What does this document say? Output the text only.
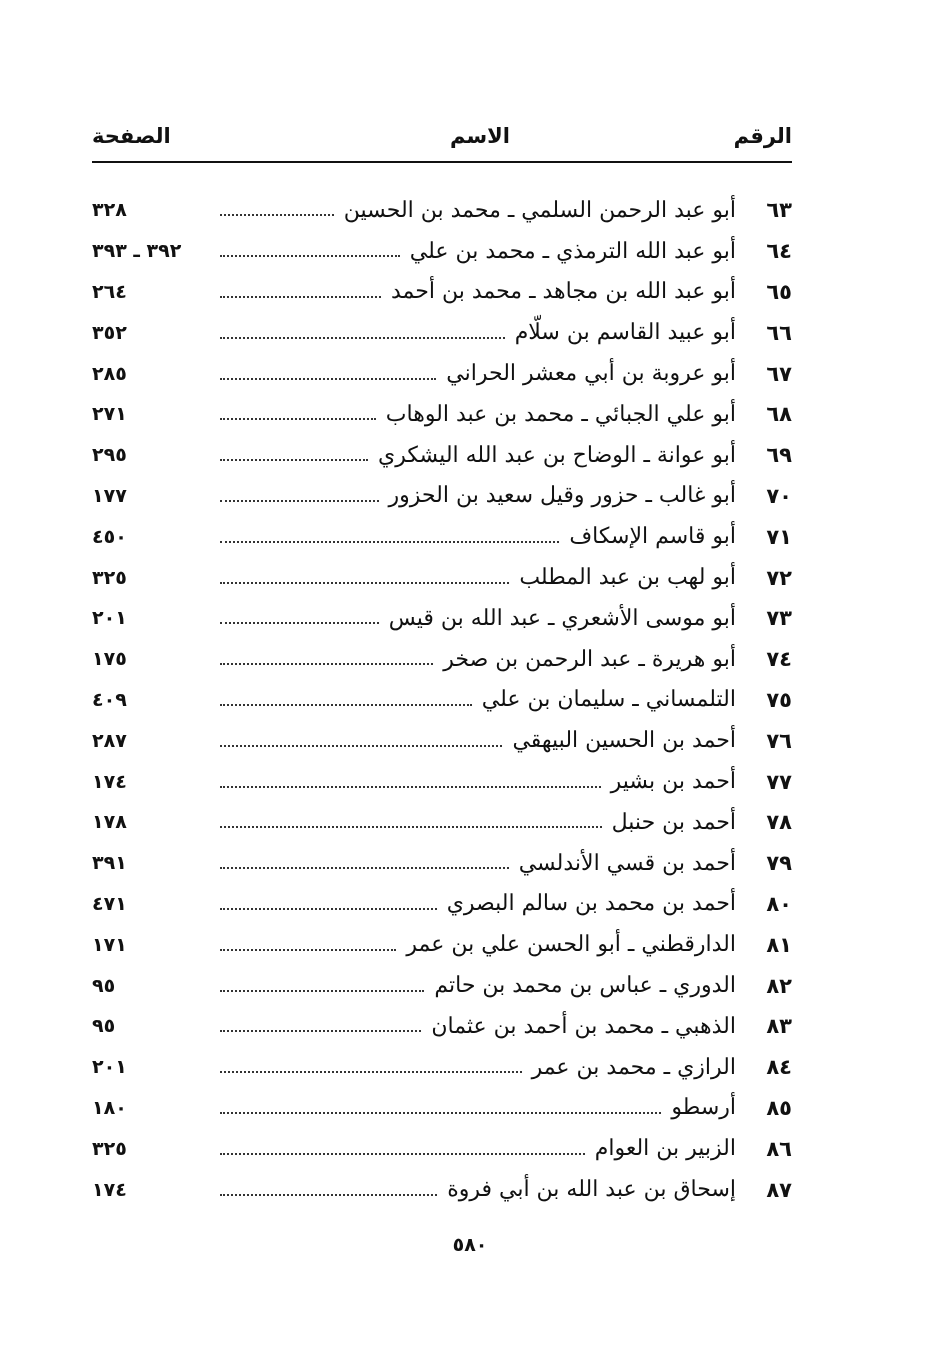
الرقم
الاسم
الصفحة
٦٣
أبو عبد الرحمن السلمي ـ محمد بن الحسين
٣٢٨
٦٤
أبو عبد الله الترمذي ـ محمد بن علي
٣٩٢ ـ ٣٩٣
٦٥
أبو عبد الله بن مجاهد ـ محمد بن أحمد
٢٦٤
٦٦
أبو عبيد القاسم بن سلّام
٣٥٢
٦٧
أبو عروبة بن أبي معشر الحراني
٢٨٥
٦٨
أبو علي الجبائي ـ محمد بن عبد الوهاب
٢٧١
٦٩
أبو عوانة ـ الوضاح بن عبد الله اليشكري
٢٩٥
٧٠
أبو غالب ـ حزور وقيل سعيد بن الحزور
١٧٧
٧١
أبو قاسم الإسكاف
٤٥٠
٧٢
أبو لهب بن عبد المطلب
٣٢٥
٧٣
أبو موسى الأشعري ـ عبد الله بن قيس
٢٠١
٧٤
أبو هريرة ـ عبد الرحمن بن صخر
١٧٥
٧٥
التلمساني ـ سليمان بن علي
٤٠٩
٧٦
أحمد بن الحسين البيهقي
٢٨٧
٧٧
أحمد بن بشير
١٧٤
٧٨
أحمد بن حنبل
١٧٨
٧٩
أحمد بن قسي الأندلسي
٣٩١
٨٠
أحمد بن محمد بن سالم البصري
٤٧١
٨١
الدارقطني ـ أبو الحسن علي بن عمر
١٧١
٨٢
الدوري ـ عباس بن محمد بن حاتم
٩٥
٨٣
الذهبي ـ محمد بن أحمد بن عثمان
٩٥
٨٤
الرازي ـ محمد بن عمر
٢٠١
٨٥
أرسطو
١٨٠
٨٦
الزبير بن العوام
٣٢٥
٨٧
إسحاق بن عبد الله بن أبي فروة
١٧٤
٥٨٠
